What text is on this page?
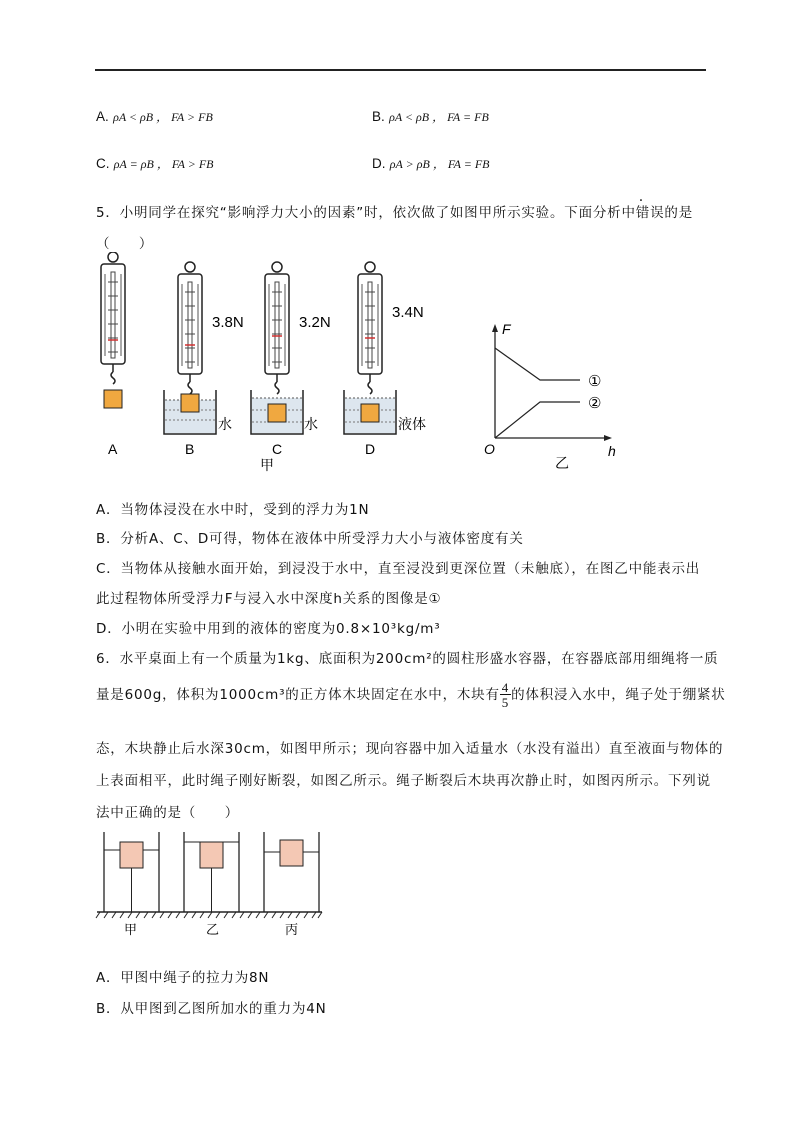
A. ρA < ρB ， FA > FB	B. ρA < ρB ， FA = FB
C. ρA = ρB ， FA > FB	D. ρA > ρB ， FA = FB
5．小明同学在探究“影响浮力大小的因素”时，依次做了如图甲所示实验。下面分析中错误的是
（　　）
3.8N	3.2N
3.4N
水	水	液体
A	B	C	D
甲
F
h
O
①
②
乙
A．当物体浸没在水中时，受到的浮力为1N
B．分析A、C、D可得，物体在液体中所受浮力大小与液体密度有关
C．当物体从接触水面开始，到浸没于水中，直至浸没到更深位置（未触底），在图乙中能表示出
此过程物体所受浮力F与浸入水中深度h关系的图像是①
D．小明在实验中用到的液体的密度为0.8×10³kg/m³
6．水平桌面上有一个质量为1kg、底面积为200cm²的圆柱形盛水容器，在容器底部用细绳将一质
量是600g，体积为1000cm³的正方体木块固定在水中，木块有 $\frac{4}{5}$ 的体积浸入水中，绳子处于绷紧状
态，木块静止后水深30cm，如图甲所示；现向容器中加入适量水（水没有溢出）直至液面与物体的
上表面相平，此时绳子刚好断裂，如图乙所示。绳子断裂后木块再次静止时，如图丙所示。下列说
法中正确的是（　　）
甲	乙	丙
A．甲图中绳子的拉力为8N
B．从甲图到乙图所加水的重力为4N
